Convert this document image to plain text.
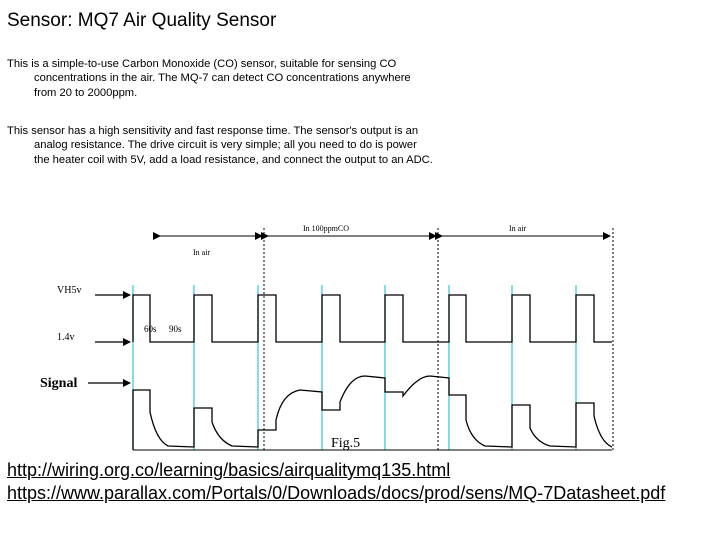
Sensor: MQ7 Air Quality Sensor
This is a simple-to-use Carbon Monoxide (CO) sensor, suitable for sensing CO concentrations in the air. The MQ-7 can detect CO concentrations anywhere from 20 to 2000ppm.
This sensor has a high sensitivity and fast response time. The sensor's output is an analog resistance. The drive circuit is very simple; all you need to do is power the heater coil with 5V, add a load resistance, and connect the output to an ADC.
In air
In 100ppmCO	In air
VH5v
1.4v
60s 90s
Signal
Fig.5
http://wiring.org.co/learning/basics/airqualitymq135.html
https://www.parallax.com/Portals/0/Downloads/docs/prod/sens/MQ-7Datasheet.pdf
